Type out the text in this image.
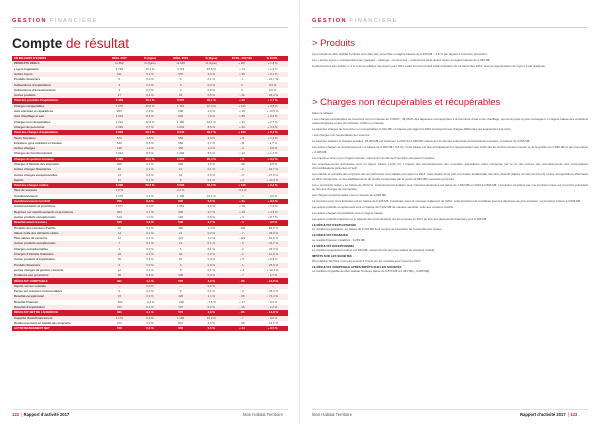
GESTION FINANCIÈRE
Compte de résultat
EN MILLIERS D'EUROS	RÉEL 2017	% (ligne)	RÉEL 2016	% (ligne)	ÉVOL. 2017/16	% ÉVOL.
PRODUITS RÉELS	11 852	% (ligne)	11 645	% (ligne)	+ 207	+ 1,8 %
Loyers logements	4 793	40,4 %	4 719	40,5 %	+ 74	+ 1,6 %
Autres loyers	611	5,2 %	576	4,9 %	+ 35	+ 6,1 %
Produits financiers	5	0,0 %	6	0,1 %	- 1	- 16,7 %
Subventions d'exploitation	3	0,0 %	3	0,0 %	0	0,0 %
Subventions d'investissement	3	0,0 %	3	0,0 %	0	0,0 %
Autres produits	47	0,4 %	63	0,5 %	- 16	- 25,4 %
Total des produits d'exploitation	5 459	46,1 %	5 367	46,1 %	+ 92	+ 1,7 %
Charges récupérables	1 276	10,8 %	1 162	10,0 %	+ 114	+ 9,8 %
dont entretien et réparations	263	2,2 %	238	2,0 %	+ 25	+ 10,5 %
dont chauffage et eau	1 013	8,5 %	924	7,9 %	+ 89	+ 9,6 %
Charges non récupérables	1 212	10,2 %	1 180	10,1 %	+ 32	+ 2,7 %
Charges de personnel	1 035	8,7 %	1 001	8,6 %	+ 34	+ 3,4 %
Total des charges d'exploitation	3 523	29,7 %	3 343	28,7 %	+ 180	+ 5,4 %
Taxes foncières	573	4,8 %	565	4,9 %	+ 8	+ 1,4 %
Entretien, gros entretien et travaux	649	5,5 %	660	5,7 %	- 11	- 1,7 %
Autres charges	148	1,2 %	152	1,3 %	- 4	- 2,6 %
Charges de fonctionnement	1 014	8,6 %	1 002	8,6 %	+ 12	+ 1,2 %
Charges de gestion courante	2 384	20,1 %	2 379	20,4 %	+ 5	+ 0,2 %
Charges d'intérêts des emprunts	266	2,2 %	294	2,5 %	- 28	- 9,5 %
Autres charges financières	10	0,1 %	12	0,1 %	- 2	- 16,7 %
Autres charges exceptionnelles	44	0,4 %	61	0,5 %	- 17	- 27,9 %
Impôts	11	0,1 %	9	0,1 %	+ 2	+ 22,2 %
Total des charges réelles	6 238	52,6 %	6 098	52,4 %	+ 140	+ 2,3 %
Taux de vacance	1,9 %		2,1 %		- 0,2 pt	
Autofinancement	1 179	9,9 %	1 186	10,2 %	- 7	- 0,6 %
Autofinancement net HLM	706	6,0 %	645	5,5 %	+ 61	+ 9,5 %
Amortissements et provisions	1 071	9,0 %	1 051	9,0 %	+ 20	+ 1,9 %
Reprises sur amortissements et provisions	324	2,7 %	309	2,7 %	+ 15	+ 4,9 %
Autres produits exceptionnels	113	1,0 %	104	0,9 %	+ 9	+ 8,7 %
Résultat avant cessions	545	4,6 %	548	4,7 %	- 3	- 0,5 %
Produits des cessions d'actifs	26	0,2 %	162	1,4 %	- 136	- 84,0 %
Valeur nette des éléments cédés	14	0,1 %	21	0,2 %	- 7	- 33,3 %
Plus-values de cessions	12	0,1 %	141	1,2 %	- 129	- 91,5 %
Autres produits exceptionnels	7	0,1 %	12	0,1 %	- 5	- 41,7 %
Charges exceptionnelles	4	0,0 %	6	0,1 %	- 2	- 33,3 %
Charges d'intérêts financiers	18	0,2 %	20	0,2 %	- 2	- 10,0 %
Autres produits d'exploitation	56	0,5 %	51	0,4 %	+ 5	+ 9,8 %
Produits financiers	3	0,0 %	4	0,0 %	- 1	- 25,0 %
Autres charges de gestion courante	12	0,1 %	9	0,1 %	+ 3	+ 33,3 %
Dotations aux provisions	98	0,8 %	105	0,9 %	- 7	- 6,7 %
RÉSULTAT COMPTABLE	491	4,1 %	576	4,9 %	- 85	- 14,8 %
Impôts sur les sociétés	—	0,0 %	—	0,0 %	—	—
Pertes sur créances irrécouvrables	6	0,1 %	9	0,1 %	- 3	- 33,3 %
Résultat exceptionnel	33	0,3 %	129	1,1 %	- 96	- 74,4 %
Résultat financier	- 263	- 2,2 %	- 290	- 2,5 %	+ 27	- 9,3 %
Résultat d'exploitation	721	6,1 %	737	6,3 %	- 16	- 2,2 %
RÉSULTAT NET DE L'EXERCICE	491	4,1 %	576	4,9 %	- 85	- 14,8 %
Capacité d'autofinancement	1 179	9,9 %	1 186	10,2 %	- 7	- 0,6 %
Remboursement en capital des emprunts	473	4,0 %	541	4,6 %	- 68	- 12,6 %
AUTOFINANCEMENT NET	706	6,0 %	645	5,5 %	+ 61	+ 9,5 %
122  | Rapport d'activité 2017	Mon Habitat Territoire
GESTION FINANCIÈRE
> Produits

Les produits de Mon Habitat Territoire sont dans leur ensemble en légère hausse de 0,430 M€ – 3,8 % par rapport à l'exercice précédent.

Les « autres loyers » correspondent aux garages – parkings – commerces – redevances ainsi qu'aux loyers en légère hausse de 0,035 M€.

Conformément aux articles 1, 2 et 3 de la politique des loyers pour 2017 votée lors du Conseil d'Administration du 12 décembre 2016, aucune augmentation de loyer n'a été pratiquée.

> Charges non récupérables et récupérables

Selon le tableau :

• Les charges récupérables de l'exercice sont en hausse de 0,032% ; 35,064% des dépenses correspondent à la fourniture d'eau et de chauffage, qui est la poste le plus conséquent, en légère baisse des conditions météorologiques et des prix facturés, chiffres en hausse.

Le total des charges de l'exercice non récupérables, 0,022 M€, en hausse par rapport à 2016 correspond aux charges différentes qui augmentent à la suite.

• Les charges non récupérables de l'exercice :

Le total des salaires et charges sociales, 33,009 M€ est supérieur à 2016 de 0,038 M€ notamment du fait des indemnités de licenciement versées, à hauteur de 0,046 M€.

Les autres charges de fonctionnement ont baissé de 0,062 M€ (-5,8 %). Cette baisse est due principalement à l'augmentation des coûts liés au fonctionnement courant et de la gestion de 0,050 M€ et aux honoraires + 0,025 M€.

Les impôts et taxes ont en légère hausse, notamment du fait de l'imposition des taxes foncières.

Les amortissements techniques sont en légère baisse (-0,92 %). L'impact des amortissements des nouvelles acquisitions étant compensé par la fin des termes des amortissements des composantes d'immobilisations présentes à l'actif.

Les intérêts et annuités des emprunts liés au patrimoine sont stables par rapport à 2016. Cela résulte d'une part à la baisse tendancielle des taux d'intérêt (baisse du taux du livret A) et des renégociations effectuées en 2017 d'emprunts, et des établissements de crédits compensée par la venue (0,056 M€) nouveaux emprunts.

Les « provisions nettes » en baisse de 49,02 %, comprennent la dotation pour créances douteuses qui passe de 1,632 M€ en 2016 à 0,896 M€. L'évolution s'explique par une provision créée sur l'exercice précédent au titre des charges de copropriété.

Les charges exceptionnelles sont en hausse de 0,028 M€.

La provision pour Gros Entretien est en baisse de 0,106 M€. Constituée selon le nouveau règlement de l'ANC, cette provision est constituée pour les dépenses de gros entretien. La provision s'élève à 3,096 M€.

Les autres produits exceptionnels sont en baisse de 0,102 M€ de manière sensible, suite aux cessions d'actifs.

Les autres charges d'exploitation sont en légère baisse.

Les autres produits financiers et le reliquat des rémunérations ont été perçues en 2017 au titre des placements financiers pour 0,005 M€.

LE RÉSULTAT D'EXPLOITATION

Le résultat d'exploitation, en baisse de 2,202 M€ tient compte de l'évolution de l'ensemble des postes.

LE RÉSULTAT FINANCIER

Le résultat financier s'établit à - 0,263 M€.

LE RÉSULTAT EXCEPTIONNEL

Le résultat exceptionnel s'élève à 0,033 M€, notamment lié aux plus-values de cessions d'actifs.

IMPÔTS SUR LES SOCIÉTÉS

Mon Habitat Territoire n'est pas soumis à l'impôt sur les sociétés pour l'exercice 2017.

LE RÉSULTAT COMPTABLE APRÈS IMPÔTS SUR LES SOCIÉTÉS

Le résultat comptable de Mon Habitat Territoire passe de 0,576 M€ à 0,491 M€ (- 0,085 M€).

Mon Habitat Territoire	Rapport d'activité 2017  | 123
